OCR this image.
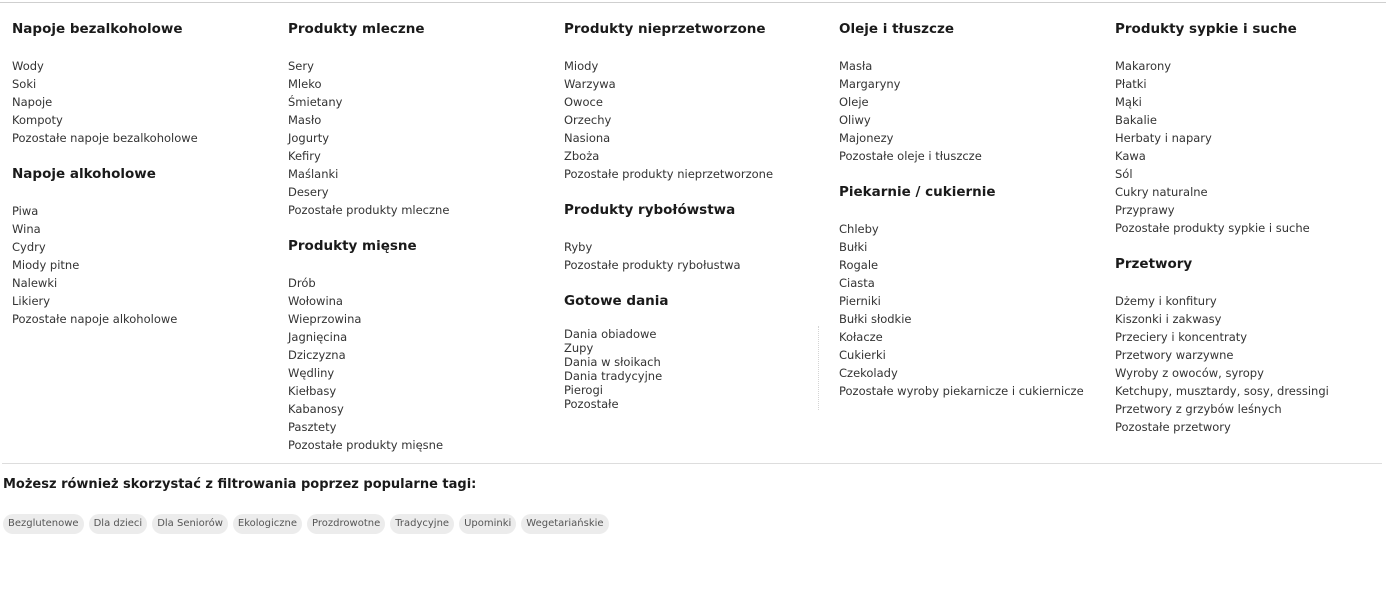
Napoje bezalkoholowe
Wody
Soki
Napoje
Kompoty
Pozostałe napoje bezalkoholowe
Napoje alkoholowe
Piwa
Wina
Cydry
Miody pitne
Nalewki
Likiery
Pozostałe napoje alkoholowe
Produkty mleczne
Sery
Mleko
Śmietany
Masło
Jogurty
Kefiry
Maślanki
Desery
Pozostałe produkty mleczne
Produkty mięsne
Drób
Wołowina
Wieprzowina
Jagnięcina
Dziczyzna
Wędliny
Kiełbasy
Kabanosy
Pasztety
Pozostałe produkty mięsne
Produkty nieprzetworzone
Miody
Warzywa
Owoce
Orzechy
Nasiona
Zboża
Pozostałe produkty nieprzetworzone
Produkty rybołówstwa
Ryby
Pozostałe produkty rybołustwa
Gotowe dania
Dania obiadowe
Zupy
Dania w słoikach
Dania tradycyjne
Pierogi
Pozostałe
Oleje i tłuszcze
Masła
Margaryny
Oleje
Oliwy
Majonezy
Pozostałe oleje i tłuszcze
Piekarnie / cukiernie
Chleby
Bułki
Rogale
Ciasta
Pierniki
Bułki słodkie
Kołacze
Cukierki
Czekolady
Pozostałe wyroby piekarnicze i cukiernicze
Produkty sypkie i suche
Makarony
Płatki
Mąki
Bakalie
Herbaty i napary
Kawa
Sól
Cukry naturalne
Przyprawy
Pozostałe produkty sypkie i suche
Przetwory
Dżemy i konfitury
Kiszonki i zakwasy
Przeciery i koncentraty
Przetwory warzywne
Wyroby z owoców, syropy
Ketchupy, musztardy, sosy, dressingi
Przetwory z grzybów leśnych
Pozostałe przetwory
Możesz również skorzystać z filtrowania poprzez popularne tagi:
Bezglutenowe	Dla dzieci	Dla Seniorów	Ekologiczne	Prozdrowotne	Tradycyjne	Upominki	Wegetariańskie
